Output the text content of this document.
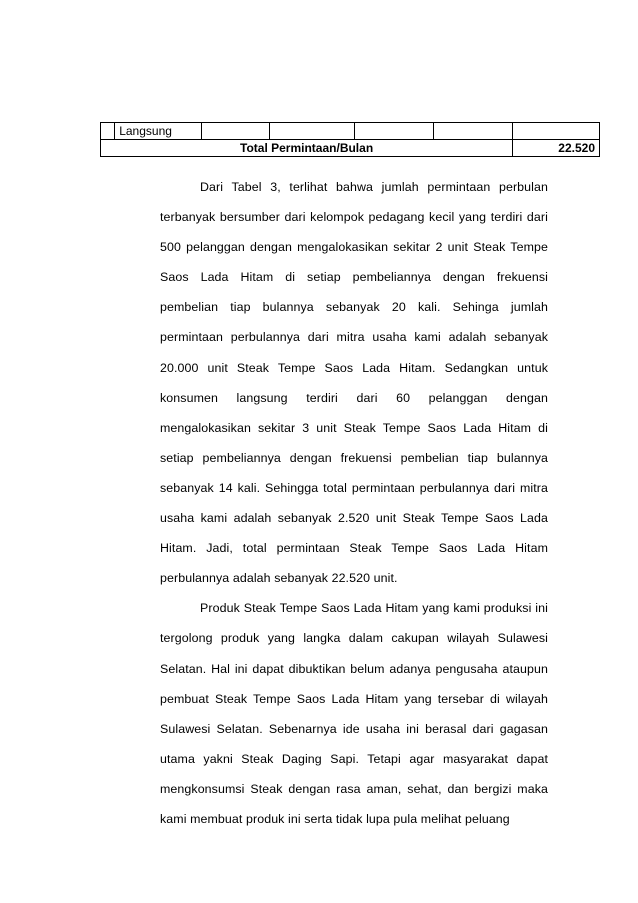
	Langsung					
Total Permintaan/Bulan						22.520

Dari Tabel 3, terlihat bahwa jumlah permintaan perbulan terbanyak bersumber dari kelompok pedagang kecil yang terdiri dari 500 pelanggan dengan mengalokasikan sekitar 2 unit Steak Tempe Saos Lada Hitam di setiap pembeliannya dengan frekuensi pembelian tiap bulannya sebanyak 20 kali. Sehinga jumlah permintaan perbulannya dari mitra usaha kami adalah sebanyak 20.000 unit Steak Tempe Saos Lada Hitam. Sedangkan untuk konsumen langsung terdiri dari 60 pelanggan dengan mengalokasikan sekitar 3 unit Steak Tempe Saos Lada Hitam di setiap pembeliannya dengan frekuensi pembelian tiap bulannya sebanyak 14 kali. Sehingga total permintaan perbulannya dari mitra usaha kami adalah sebanyak 2.520 unit Steak Tempe Saos Lada Hitam. Jadi, total permintaan Steak Tempe Saos Lada Hitam perbulannya adalah sebanyak 22.520 unit.

Produk Steak Tempe Saos Lada Hitam yang kami produksi ini tergolong produk yang langka dalam cakupan wilayah Sulawesi Selatan. Hal ini dapat dibuktikan belum adanya pengusaha ataupun pembuat Steak Tempe Saos Lada Hitam yang tersebar di wilayah Sulawesi Selatan. Sebenarnya ide usaha ini berasal dari gagasan utama yakni Steak Daging Sapi. Tetapi agar masyarakat dapat mengkonsumsi Steak dengan rasa aman, sehat, dan bergizi maka kami membuat produk ini serta tidak lupa pula melihat peluang
